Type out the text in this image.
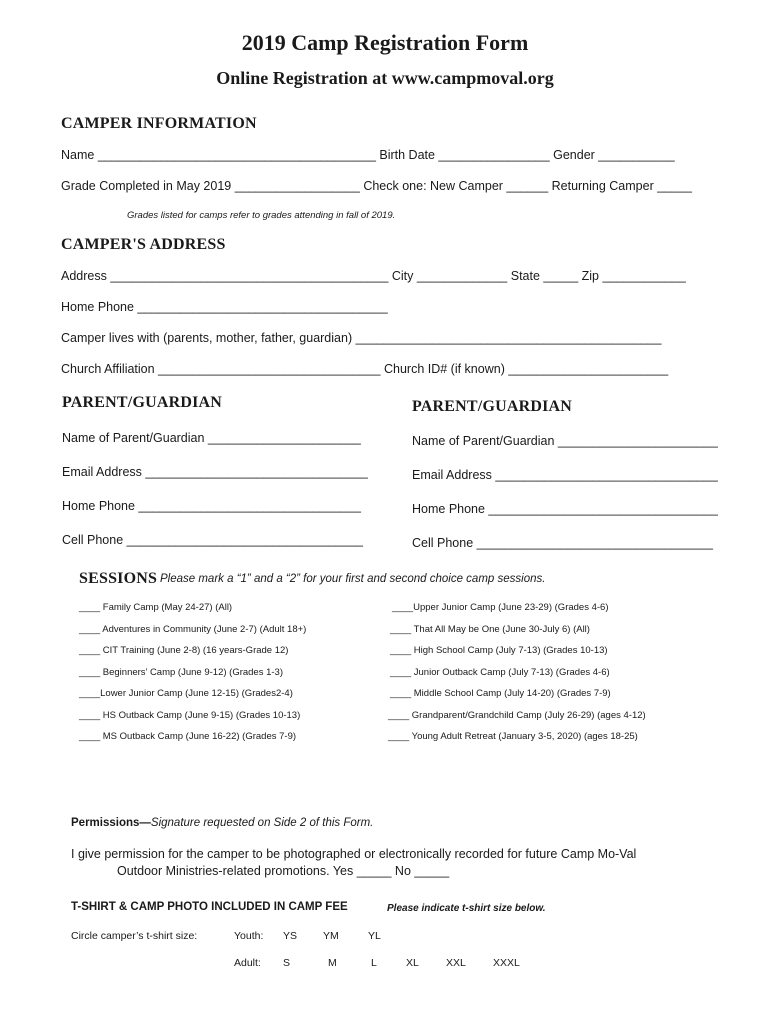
2019 Camp Registration Form
Online Registration at www.campmoval.org
CAMPER INFORMATION
Name ________________________________________ Birth Date ________________ Gender ___________
Grade Completed in May 2019 __________________ Check one: New Camper ______ Returning Camper _____
Grades listed for camps refer to grades attending in fall of 2019.
CAMPER'S ADDRESS
Address ________________________________________ City _____________ State _____ Zip ____________
Home Phone ____________________________________
Camper lives with (parents, mother, father, guardian) ____________________________________________
Church Affiliation ________________________________ Church ID# (if known) _______________________
PARENT/GUARDIAN
Name of Parent/Guardian ______________________
Email Address ________________________________
Home Phone ________________________________
Cell Phone __________________________________
PARENT/GUARDIAN
Name of Parent/Guardian _______________________
Email Address ________________________________
Home Phone _________________________________
Cell Phone __________________________________
SESSIONS Please mark a “1” and a “2” for your first and second choice camp sessions.
____ Family Camp (May 24-27) (All)
____ Adventures in Community (June 2-7) (Adult 18+)
____ CIT Training (June 2-8) (16 years-Grade 12)
____ Beginners’ Camp (June 9-12) (Grades 1-3)
____Lower Junior Camp (June 12-15) (Grades2-4)
____ HS Outback Camp (June 9-15) (Grades 10-13)
____ MS Outback Camp (June 16-22) (Grades 7-9)
____Upper Junior Camp (June 23-29) (Grades 4-6)
____ That All May be One (June 30-July 6) (All)
____ High School Camp (July 7-13) (Grades 10-13)
____ Junior Outback Camp (July 7-13) (Grades 4-6)
____ Middle School Camp (July 14-20) (Grades 7-9)
____ Grandparent/Grandchild Camp (July 26-29) (ages 4-12)
____ Young Adult Retreat (January 3-5, 2020) (ages 18-25)
Permissions—Signature requested on Side 2 of this Form.
I give permission for the camper to be photographed or electronically recorded for future Camp Mo-Val
Outdoor Ministries-related promotions. Yes _____ No _____
T-SHIRT & CAMP PHOTO INCLUDED IN CAMP FEE	Please indicate t-shirt size below.
Circle camper’s t-shirt size:	Youth: YS YM	YL
Adult: S	M	L	XL	XXL	XXXL
